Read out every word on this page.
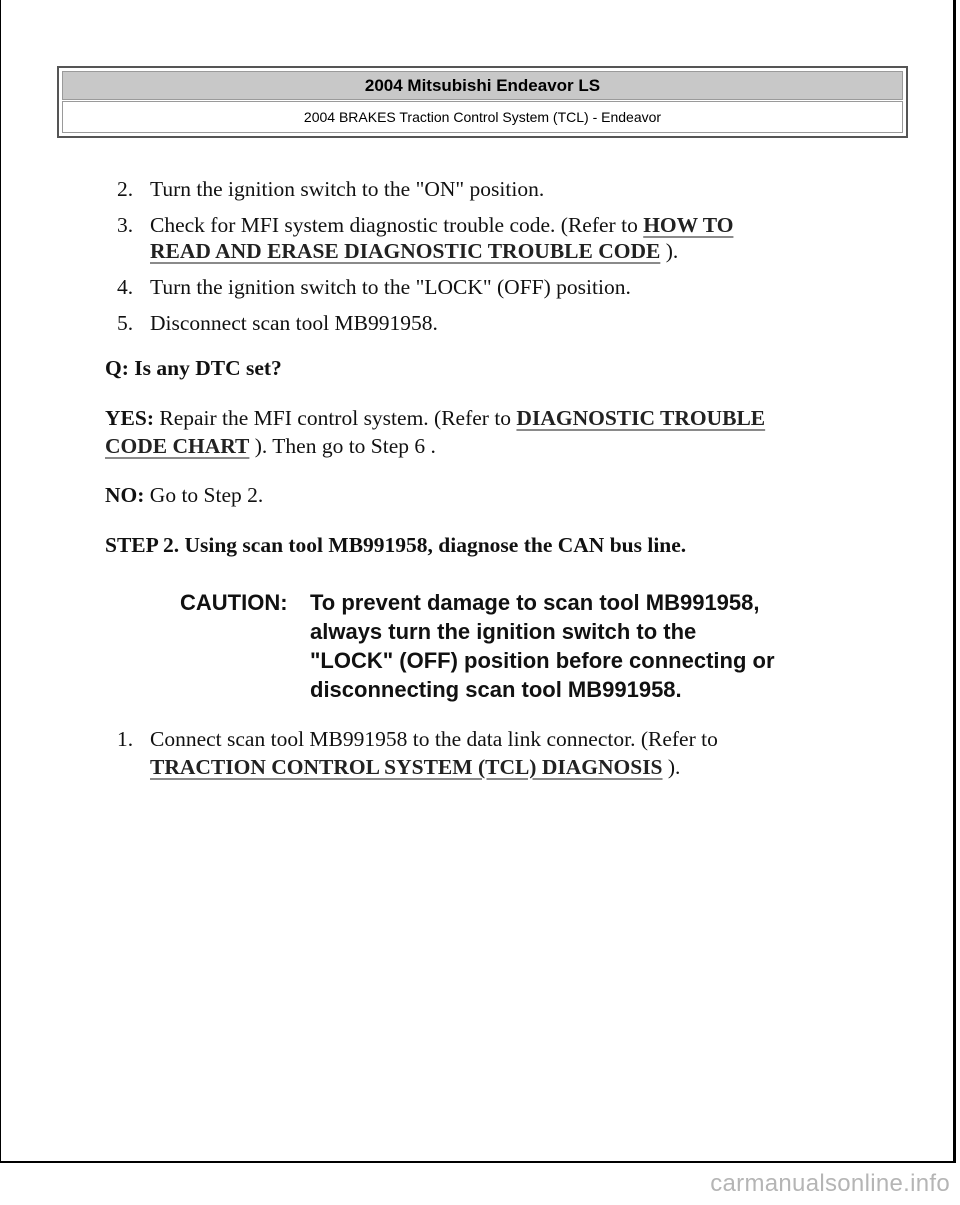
2004 Mitsubishi Endeavor LS
2004 BRAKES Traction Control System (TCL) - Endeavor
2. Turn the ignition switch to the "ON" position.
3. Check for MFI system diagnostic trouble code. (Refer to HOW TO
READ AND ERASE DIAGNOSTIC TROUBLE CODE ).
4. Turn the ignition switch to the "LOCK" (OFF) position.
5. Disconnect scan tool MB991958.
Q: Is any DTC set?
YES: Repair the MFI control system. (Refer to DIAGNOSTIC TROUBLE
CODE CHART ). Then go to Step 6 .
NO: Go to Step 2.
STEP 2. Using scan tool MB991958, diagnose the CAN bus line.
CAUTION: To prevent damage to scan tool MB991958,
always turn the ignition switch to the
"LOCK" (OFF) position before connecting or
disconnecting scan tool MB991958.
1. Connect scan tool MB991958 to the data link connector. (Refer to
TRACTION CONTROL SYSTEM (TCL) DIAGNOSIS ).
carmanualsonline.info
